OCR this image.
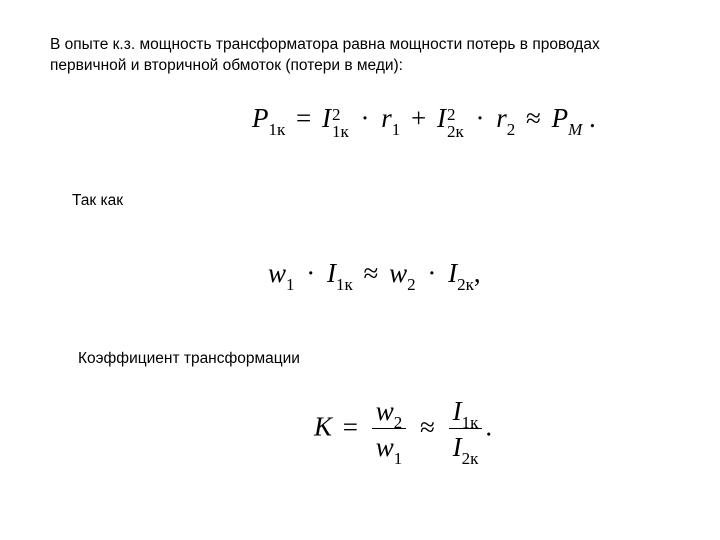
В опыте к.з. мощность трансформатора равна мощности потерь в проводах первичной и вторичной обмоток (потери в меди):

$P_{1к} = I$ 2
$1к \cdot r_1 + I$ 2
$2к \cdot r_2 \approx P_M$ .

Так как

$w_1 \cdot I_{1к} \approx w_2 \cdot I_{2к}$,

Коэффициент трансформации

$K = \frac{w_2}{w_1} \approx \frac{I_{1к}}{I_{2к}}$ .
